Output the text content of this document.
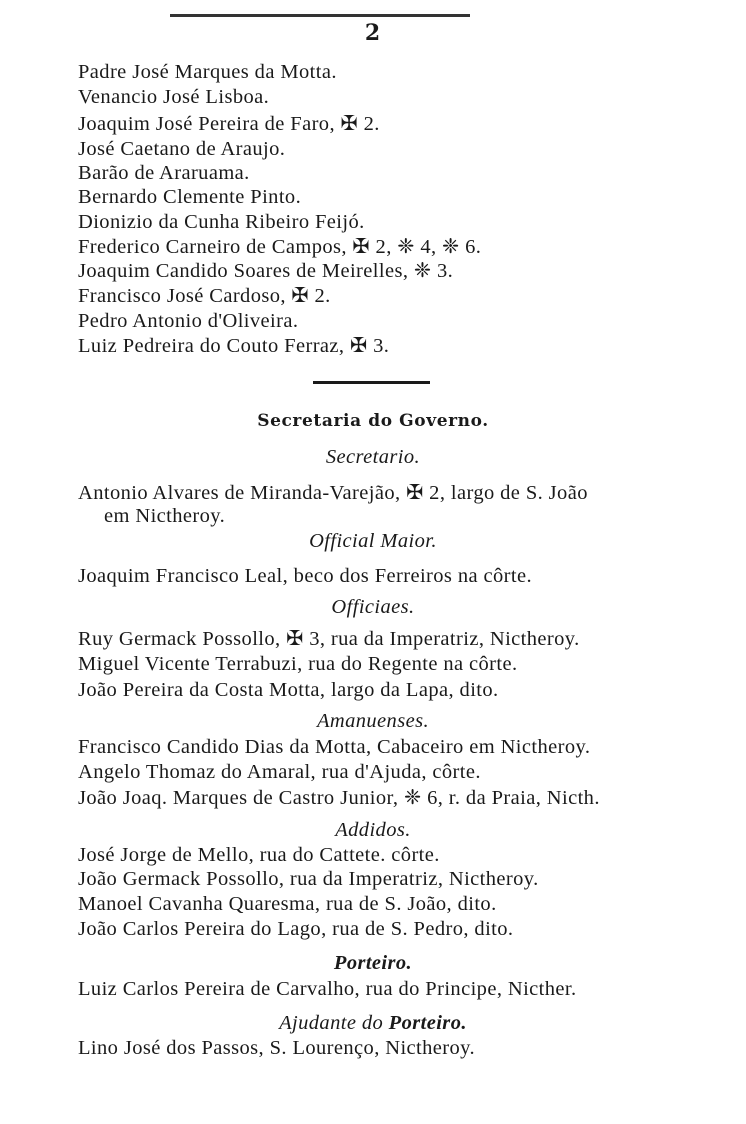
2
Padre José Marques da Motta.
Venancio José Lisboa.
Joaquim José Pereira de Faro, ✠ 2.
José Caetano de Araujo.
Barão de Araruama.
Bernardo Clemente Pinto.
Dionizio da Cunha Ribeiro Feijó.
Frederico Carneiro de Campos, ✠ 2, ❈ 4, ❈ 6.
Joaquim Candido Soares de Meirelles, ❈ 3.
Francisco José Cardoso, ✠ 2.
Pedro Antonio d'Oliveira.
Luiz Pedreira do Couto Ferraz, ✠ 3.
Secretaria do Governo.
Secretario.
Antonio Alvares de Miranda-Varejão, ✠ 2, largo de S. João
em Nictheroy.
Official Maior.
Joaquim Francisco Leal, beco dos Ferreiros na côrte.
Officiaes.
Ruy Germack Possollo, ✠ 3, rua da Imperatriz, Nictheroy.
Miguel Vicente Terrabuzi, rua do Regente na côrte.
João Pereira da Costa Motta, largo da Lapa, dito.
Amanuenses.
Francisco Candido Dias da Motta, Cabaceiro em Nictheroy.
Angelo Thomaz do Amaral, rua d'Ajuda, côrte.
João Joaq. Marques de Castro Junior, ❈ 6, r. da Praia, Nicth.
Addidos.
José Jorge de Mello, rua do Cattete. côrte.
João Germack Possollo, rua da Imperatriz, Nictheroy.
Manoel Cavanha Quaresma, rua de S. João, dito.
João Carlos Pereira do Lago, rua de S. Pedro, dito.
Porteiro.
Luiz Carlos Pereira de Carvalho, rua do Principe, Nicther.
Ajudante do Porteiro.
Lino José dos Passos, S. Lourenço, Nictheroy.
